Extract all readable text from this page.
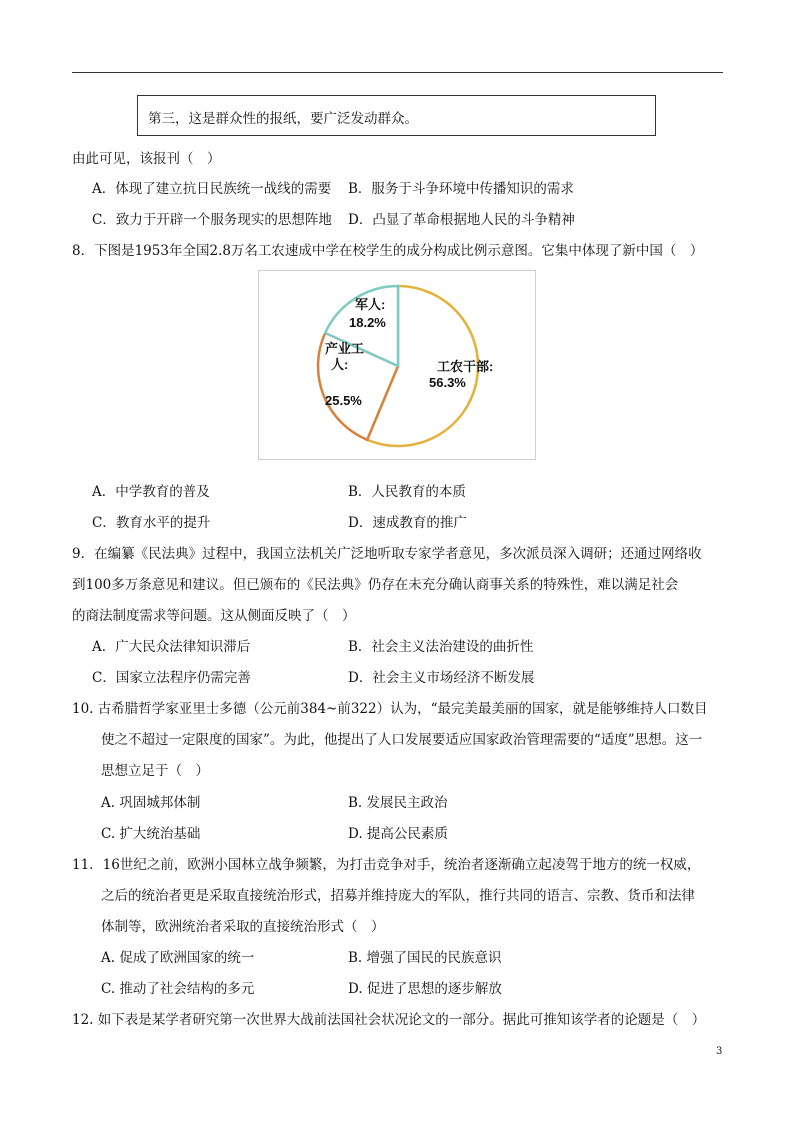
第三，这是群众性的报纸，要广泛发动群众。
由此可见，该报刊（　）
A．体现了建立抗日民族统一战线的需要 B．服务于斗争环境中传播知识的需求
C．致力于开辟一个服务现实的思想阵地 D．凸显了革命根据地人民的斗争精神
8．下图是1953年全国2.8万名工农速成中学在校学生的成分构成比例示意图。它集中体现了新中国（　）
工农干部:
56.3%
人:
产业工
25.5%
军人:
18.2%
A．中学教育的普及	B．人民教育的本质
C．教育水平的提升	D．速成教育的推广
9．在编纂《民法典》过程中，我国立法机关广泛地听取专家学者意见，多次派员深入调研；还通过网络收
到100多万条意见和建议。但已颁布的《民法典》仍存在未充分确认商事关系的特殊性，难以满足社会
的商法制度需求等问题。这从侧面反映了（　）
A．广大民众法律知识滞后	B．社会主义法治建设的曲折性
C．国家立法程序仍需完善	D．社会主义市场经济不断发展
10. 古希腊哲学家亚里士多德（公元前384~前322）认为，“最完美最美丽的国家，就是能够维持人口数目
使之不超过一定限度的国家”。为此，他提出了人口发展要适应国家政治管理需要的“适度”思想。这一
思想立足于（　）
A. 巩固城邦体制	B. 发展民主政治
C. 扩大统治基础	D. 提高公民素质
11．16世纪之前，欧洲小国林立战争频繁，为打击竞争对手，统治者逐渐确立起凌驾于地方的统一权威，
之后的统治者更是采取直接统治形式，招募并维持庞大的军队，推行共同的语言、宗教、货币和法律
体制等，欧洲统治者采取的直接统治形式（　）
A. 促成了欧洲国家的统一	B. 增强了国民的民族意识
C. 推动了社会结构的多元	D. 促进了思想的逐步解放
12. 如下表是某学者研究第一次世界大战前法国社会状况论文的一部分。据此可推知该学者的论题是（　）
3
